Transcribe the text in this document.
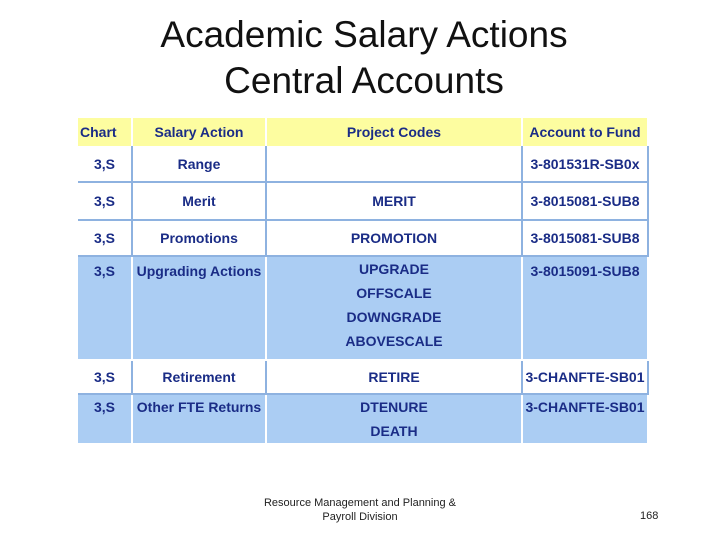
Academic Salary Actions
Central Accounts
Chart	Salary Action	Project Codes	Account to Fund
3,S	Range		3-801531R-SB0x
3,S	Merit	MERIT	3-8015081-SUB8
3,S	Promotions	PROMOTION	3-8015081-SUB8
3,S	Upgrading Actions	UPGRADE
OFFSCALE
DOWNGRADE
ABOVESCALE	3-8015091-SUB8
3,S	Retirement	RETIRE	3-CHANFTE-SB01
3,S	Other FTE Returns	DTENURE
DEATH	3-CHANFTE-SB01
Resource Management and Planning &
Payroll Division	168
